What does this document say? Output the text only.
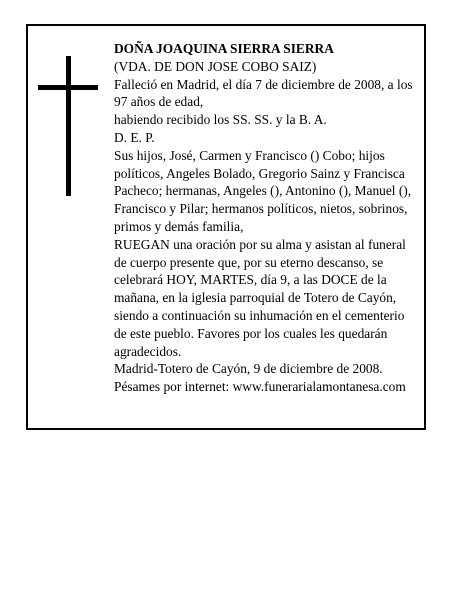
DOÑA JOAQUINA SIERRA SIERRA
(VDA. DE DON JOSE COBO SAIZ)
Falleció en Madrid, el día 7 de diciembre de 2008, a los
97 años de edad,
habiendo recibido los SS. SS. y la B. A.
D. E. P.
Sus hijos, José, Carmen y Francisco () Cobo; hijos
políticos, Angeles Bolado, Gregorio Sainz y Francisca
Pacheco; hermanas, Angeles (), Antonino (), Manuel (),
Francisco y Pilar; hermanos políticos, nietos, sobrinos,
primos y demás familia,
RUEGAN una oración por su alma y asistan al funeral
de cuerpo presente que, por su eterno descanso, se
celebrará HOY, MARTES, día 9, a las DOCE de la
mañana, en la iglesia parroquial de Totero de Cayón,
siendo a continuación su inhumación en el cementerio
de este pueblo. Favores por los cuales les quedarán
agradecidos.
Madrid-Totero de Cayón, 9 de diciembre de 2008.
Pésames por internet: www.funerarialamontanesa.com
